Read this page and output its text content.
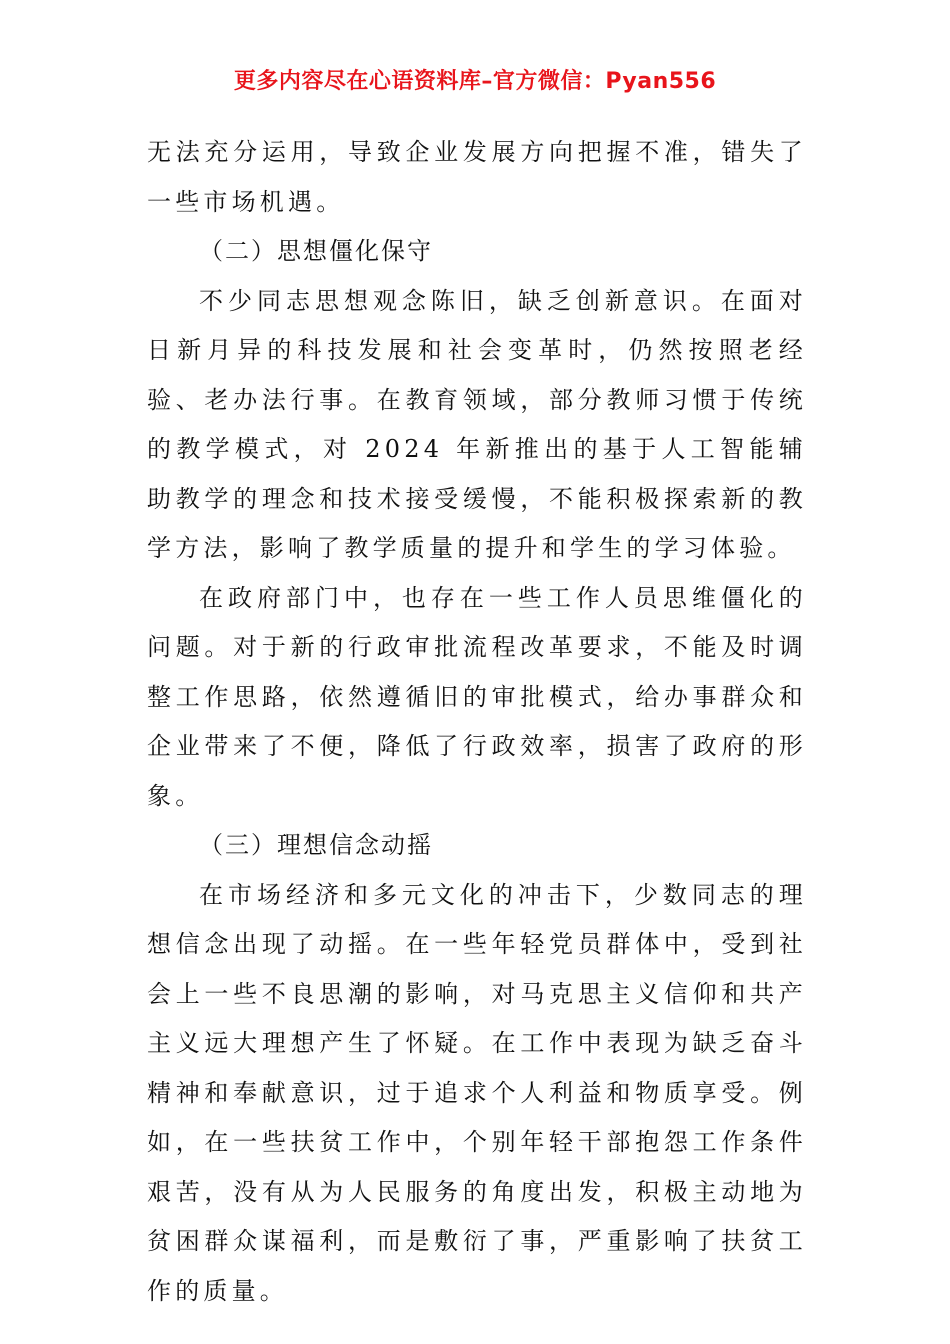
更多内容尽在心语资料库–官方微信：Pyan556

无法充分运用，导致企业发展方向把握不准，错失了一些市场机遇。

（二）思想僵化保守

不少同志思想观念陈旧，缺乏创新意识。在面对日新月异的科技发展和社会变革时，仍然按照老经验、老办法行事。在教育领域，部分教师习惯于传统的教学模式，对 2024 年新推出的基于人工智能辅助教学的理念和技术接受缓慢，不能积极探索新的教学方法，影响了教学质量的提升和学生的学习体验。

在政府部门中，也存在一些工作人员思维僵化的问题。对于新的行政审批流程改革要求，不能及时调整工作思路，依然遵循旧的审批模式，给办事群众和企业带来了不便，降低了行政效率，损害了政府的形象。

（三）理想信念动摇

在市场经济和多元文化的冲击下，少数同志的理想信念出现了动摇。在一些年轻党员群体中，受到社会上一些不良思潮的影响，对马克思主义信仰和共产主义远大理想产生了怀疑。在工作中表现为缺乏奋斗精神和奉献意识，过于追求个人利益和物质享受。例如，在一些扶贫工作中，个别年轻干部抱怨工作条件艰苦，没有从为人民服务的角度出发，积极主动地为贫困群众谋福利，而是敷衍了事，严重影响了扶贫工作的质量。
